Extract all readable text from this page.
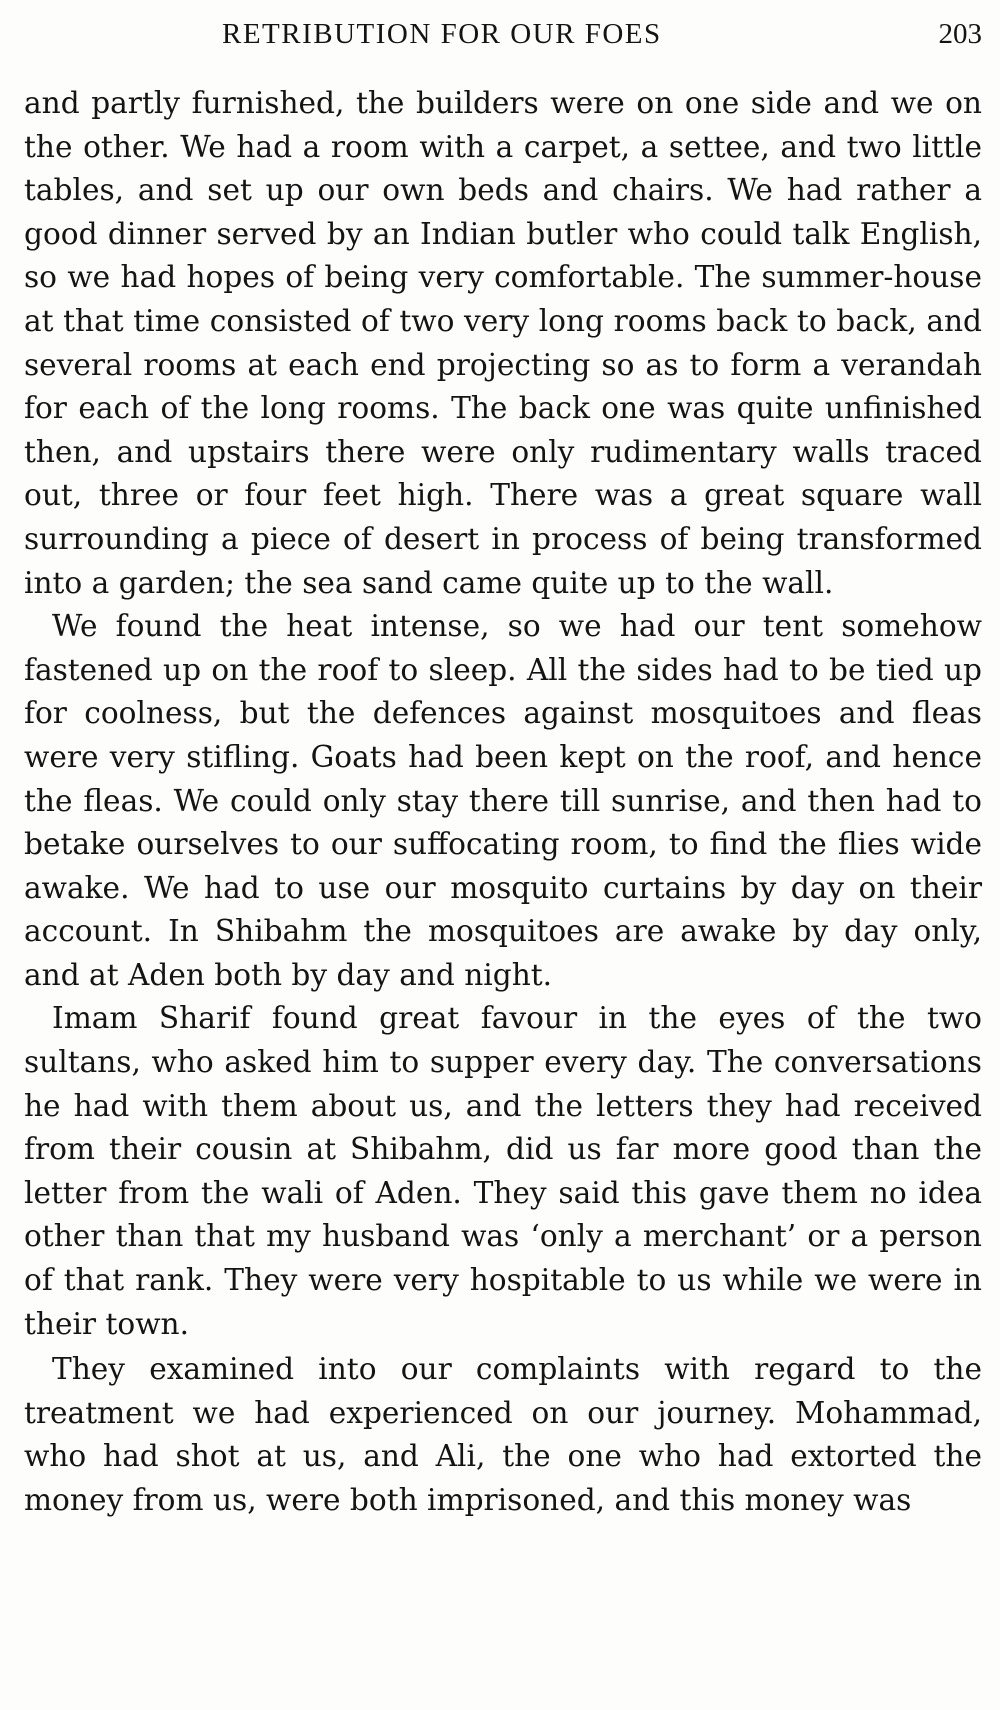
RETRIBUTION FOR OUR FOES	203

and partly furnished, the builders were on one side and we on the other. We had a room with a carpet, a settee, and two little tables, and set up our own beds and chairs. We had rather a good dinner served by an Indian butler who could talk English, so we had hopes of being very comfortable. The summer-house at that time consisted of two very long rooms back to back, and several rooms at each end projecting so as to form a verandah for each of the long rooms. The back one was quite unfinished then, and upstairs there were only rudimentary walls traced out, three or four feet high. There was a great square wall surrounding a piece of desert in process of being transformed into a garden; the sea sand came quite up to the wall.

We found the heat intense, so we had our tent somehow fastened up on the roof to sleep. All the sides had to be tied up for coolness, but the defences against mosquitoes and fleas were very stifling. Goats had been kept on the roof, and hence the fleas. We could only stay there till sunrise, and then had to betake ourselves to our suffocating room, to find the flies wide awake. We had to use our mosquito curtains by day on their account. In Shibahm the mosquitoes are awake by day only, and at Aden both by day and night.

Imam Sharif found great favour in the eyes of the two sultans, who asked him to supper every day. The conversations he had with them about us, and the letters they had received from their cousin at Shibahm, did us far more good than the letter from the wali of Aden. They said this gave them no idea other than that my husband was ‘only a merchant’ or a person of that rank. They were very hospitable to us while we were in their town.

They examined into our complaints with regard to the treatment we had experienced on our journey. Mohammad, who had shot at us, and Ali, the one who had extorted the money from us, were both imprisoned, and this money was
